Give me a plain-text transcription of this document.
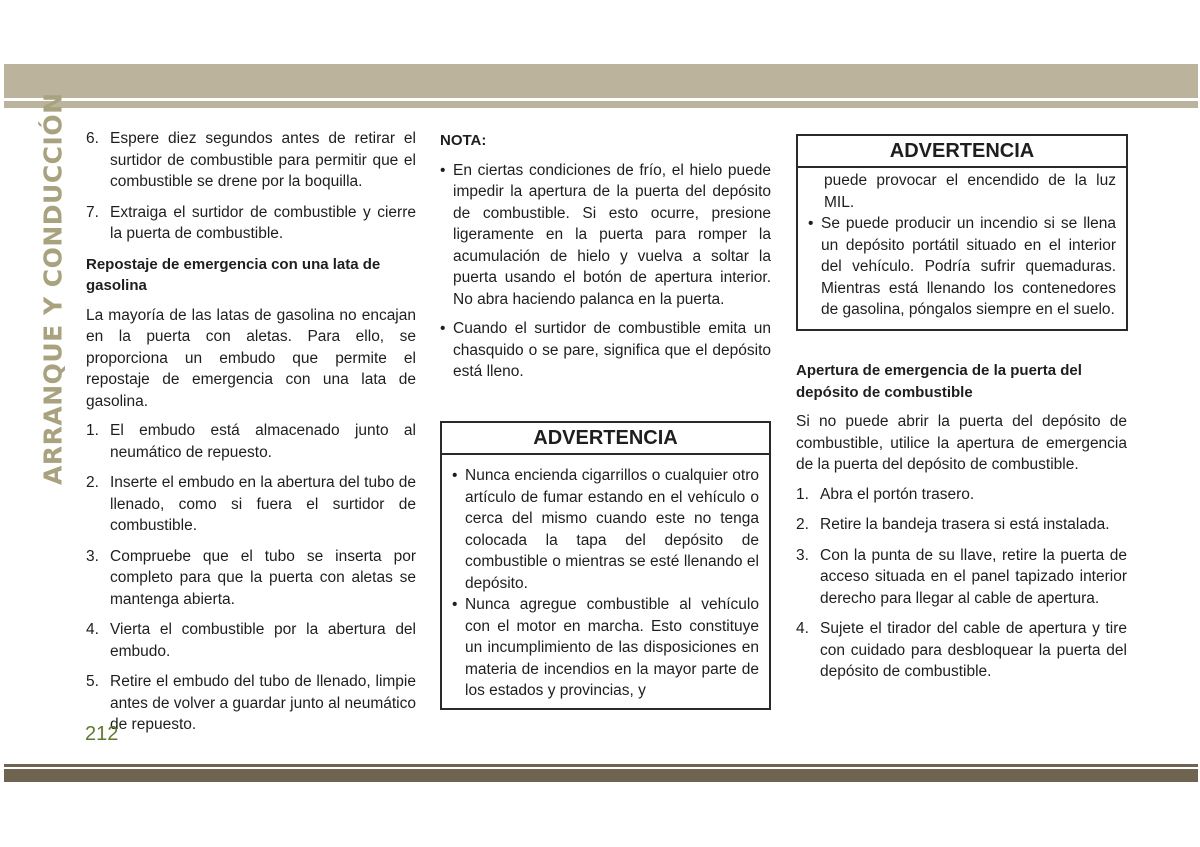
ARRANQUE Y CONDUCCIÓN 6. Espere diez segundos antes de retirar el surtidor de combustible para permitir que el combustible se drene por la boquilla.
7. Extraiga el surtidor de combustible y cierre la puerta de combustible.
Repostaje de emergencia con una lata de gasolina
La mayoría de las latas de gasolina no encajan en la puerta con aletas. Para ello, se proporciona un embudo que permite el repostaje de emergencia con una lata de gasolina.
1. El embudo está almacenado junto al neumático de repuesto.
2. Inserte el embudo en la abertura del tubo de llenado, como si fuera el surtidor de combustible.
3. Compruebe que el tubo se inserta por completo para que la puerta con aletas se mantenga abierta.
4. Vierta el combustible por la abertura del embudo.
5. Retire el embudo del tubo de llenado, limpie antes de volver a guardar junto al neumático de repuesto.
NOTA:
• En ciertas condiciones de frío, el hielo puede impedir la apertura de la puerta del depósito de combustible. Si esto ocurre, presione ligeramente en la puerta para romper la acumulación de hielo y vuelva a soltar la puerta usando el botón de apertura interior. No abra haciendo palanca en la puerta.
• Cuando el surtidor de combustible emita un chasquido o se pare, significa que el depósito está lleno.
ADVERTENCIA
• Nunca encienda cigarrillos o cualquier otro artículo de fumar estando en el vehículo o cerca del mismo cuando este no tenga colocada la tapa del depósito de combustible o mientras se esté llenando el depósito.
• Nunca agregue combustible al vehículo con el motor en marcha. Esto constituye un incumplimiento de las disposiciones en materia de incendios en la mayor parte de los estados y provincias, y
ADVERTENCIA
puede provocar el encendido de la luz MIL.
• Se puede producir un incendio si se llena un depósito portátil situado en el interior del vehículo. Podría sufrir quemaduras. Mientras está llenando los contenedores de gasolina, póngalos siempre en el suelo.
Apertura de emergencia de la puerta del depósito de combustible
Si no puede abrir la puerta del depósito de combustible, utilice la apertura de emergencia de la puerta del depósito de combustible.
1. Abra el portón trasero.
2. Retire la bandeja trasera si está instalada.
3. Con la punta de su llave, retire la puerta de acceso situada en el panel tapizado interior derecho para llegar al cable de apertura.
4. Sujete el tirador del cable de apertura y tire con cuidado para desbloquear la puerta del depósito de combustible.
212
